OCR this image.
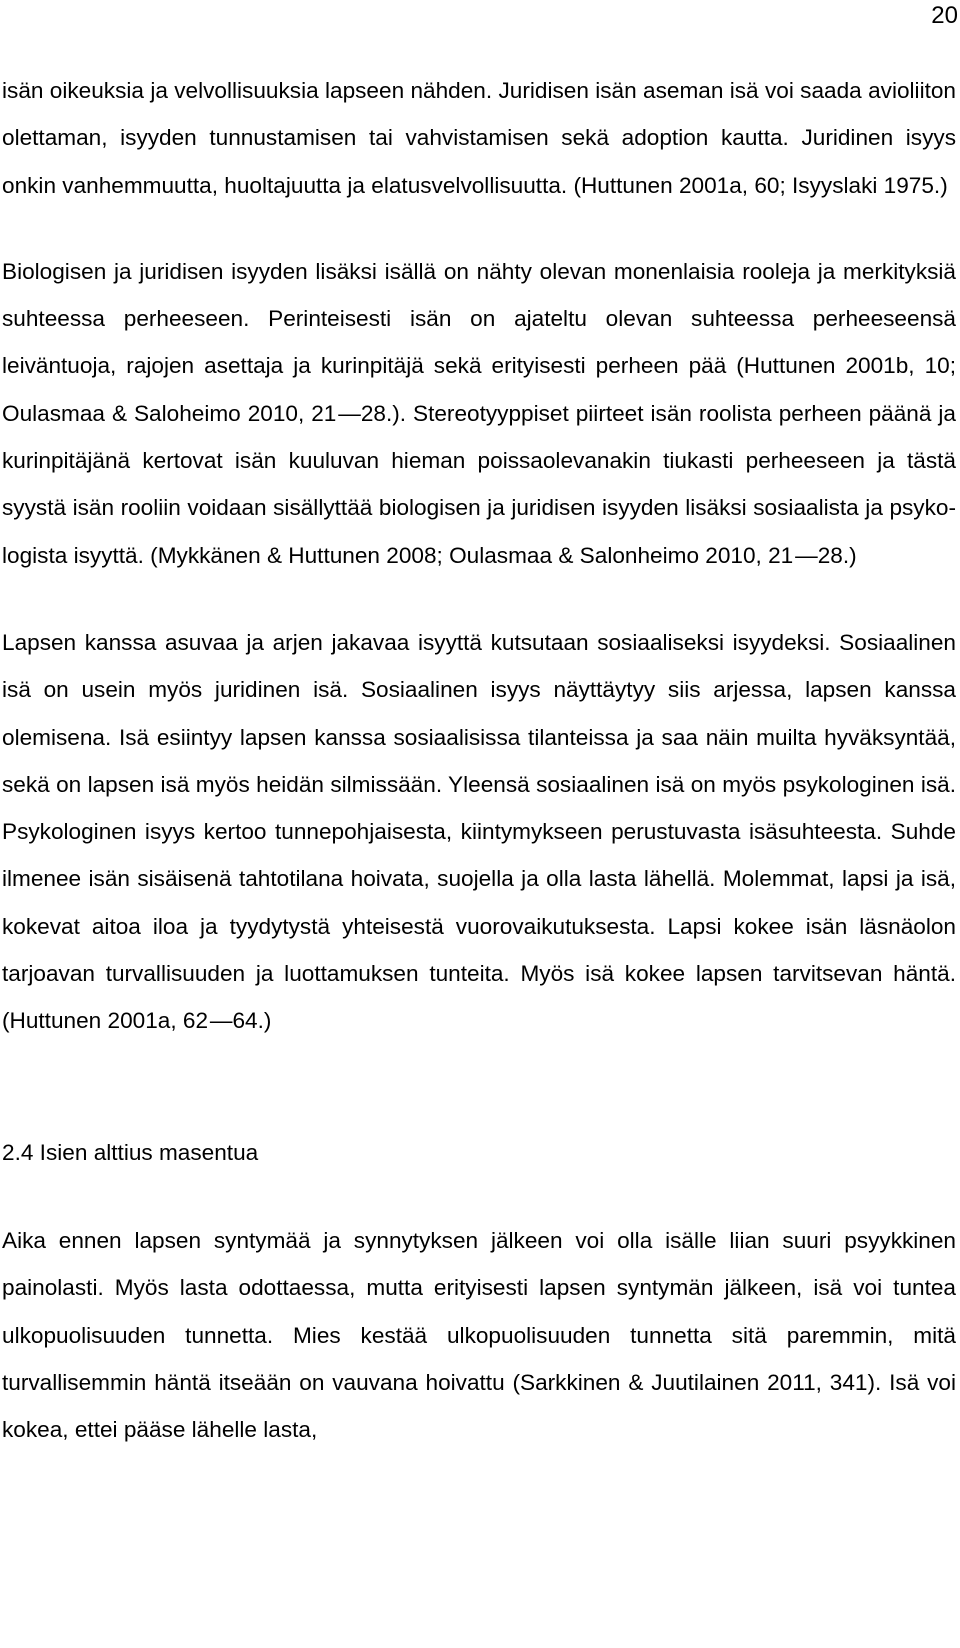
20

isän oikeuksia ja velvollisuuksia lapseen nähden. Juridisen isän aseman isä voi saada avioliiton olettaman, isyyden tunnustamisen tai vahvistamisen sekä adoption kautta. Juridinen isyys onkin vanhemmuutta, huoltajuutta ja elatusvelvollisuutta. (Huttunen 2001a, 60; Isyyslaki 1975.)

Biologisen ja juridisen isyyden lisäksi isällä on nähty olevan monenlaisia rooleja ja merkityksiä suhteessa perheeseen. Perinteisesti isän on ajateltu olevan suhteessa perheeseensä leiväntuoja, rajojen asettaja ja kurinpitäjä sekä erityisesti perheen pää (Huttunen 2001b, 10; Oulasmaa & Saloheimo 2010, 21 —28.). Stereotyyppiset piirteet isän roolista perheen päänä ja kurinpitäjänä kertovat isän kuuluvan hieman poissaolevanakin tiukasti perheeseen ja tästä syystä isän rooliin voidaan sisällyttää biologisen ja juridisen isyyden lisäksi sosiaalista ja psykologista isyyttä. (Mykkänen & Huttunen 2008; Oulasmaa & Salonheimo 2010, 21 —28.)

Lapsen kanssa asuvaa ja arjen jakavaa isyyttä kutsutaan sosiaaliseksi isyydeksi. Sosiaalinen isä on usein myös juridinen isä. Sosiaalinen isyys näyttäytyy siis arjessa, lapsen kanssa olemisena. Isä esiintyy lapsen kanssa sosiaalisissa tilanteissa ja saa näin muilta hyväksyntää, sekä on lapsen isä myös heidän silmissään. Yleensä sosiaalinen isä on myös psykologinen isä. Psykologinen isyys kertoo tunnepohjaisesta, kiintymykseen perustuvasta isäsuhteesta. Suhde ilmenee isän sisäisenä tahtotilana hoivata, suojella ja olla lasta lähellä. Molemmat, lapsi ja isä, kokevat aitoa iloa ja tyydytystä yhteisestä vuorovaikutuksesta. Lapsi kokee isän läsnäolon tarjoavan turvallisuuden ja luottamuksen tunteita. Myös isä kokee lapsen tarvitsevan häntä. (Huttunen 2001a, 62 —64.)

2.4 Isien alttius masentua

Aika ennen lapsen syntymää ja synnytyksen jälkeen voi olla isälle liian suuri psyykkinen painolasti. Myös lasta odottaessa, mutta erityisesti lapsen syntymän jälkeen, isä voi tuntea ulkopuolisuuden tunnetta. Mies kestää ulkopuolisuuden tunnetta sitä paremmin, mitä turvallisemmin häntä itseään on vauvana hoivattu (Sarkkinen & Juutilainen 2011, 341). Isä voi kokea, ettei pääse lähelle lasta,
